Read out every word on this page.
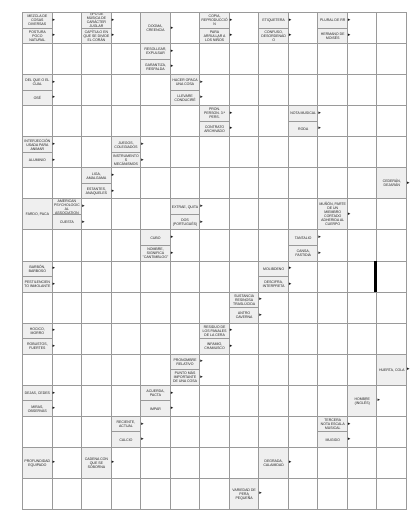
MEZCLA DE COSAS DIVERSAS
▸
POSTURA POCO NATURAL
▸
TIPO DE MÚSICA DE CARÁCTER JUGLAR
▸
CAPÍTULO EN QUE SE DIVIDE EL CORÁN
▸
DOGMA, CREENCIA	▸
COPIA, REPRODUCCIÓN
▸
PARA ARRULLAR A LOS NIÑOS
▸
ETIQUETERA ▸
CONFUSO, DESORDENADO
▸
PLURAL DE RR ▸
HERMANO DE MOISÉS	▸
RESOLLEAR, EXPULSAR	▸
GARANTIZA, RESPALDA	▸
DEL QUE O EL CUAL	▸
OSÉ	▸
HACER OPACA UNA COSA	▸
LLEVARE CONDUCIRÉ ▸
PRON. PERSON. 3.ª PERS.
▸
CONTRATO ARCHIVADO	▸
NOTA MUSICAL ▸
RODA	▸
INTERJECCIÓN USADA PARA ANIMAR
▸
ALUMINIO	▸
JUEGOS, COLEGIADOS ▸
INSTRUMENTOS MECÁNISMOS
▸
LIGA, AMALGAMA	▸
ESTANTES, ANAQUELES ▸
CEDERÁN, DEJARÁN	▸
FARDO, PACA
AMERICAN PSYCHOLOGICAL ASSOCIATION
▸
CUESTA	▸
EXTRAE, QUITA ▸
DOS (PORTUGUÉS) ▸
MUÑÓN, PARTE DE UN MIEMBRO CORTADO ADHERIDA AL CUERPO
▸
CUBO	▸
NOMBRE, SIGNIFICA "CANTIMBLOG"
▸
TANTALIO	▸
CANSA, FASTIDIA	▸
BARBÓN, BARBOSO	▸
PESTILENCIENTO INMOLANTE ▸
MOLIBDENO ▸
DESCIFRA, INTERPRETA ▸
SUSTANCIA RESINOSA TRASLÚCIDA
▸
ANTRO CAVERNA	▸
HOCICO, MORRO	▸
ROBUSTOS, FUERTES	▸
RESIDUO DE LOS PANALES DE LA CERA
▸
INFAMIO, CHAMUSCO	▸
PRONOMBRE RELATIVO	▸
PUNTO MÁS IMPORTANTE DE UNA COSA
▸
HUERTA, COLA ▸
DEJAS, CEDES ▸
MIRAS, OBSERVAS	▸
ACUERDA, PACTA	▸
IMPAR	▸
HOMBRE (INGLÉS)	▸
RECIENTE, ACTUAL	▸
CALCIO	▸
TERCERA NOTA ESCALA MUSICAL
▸
MUGIDO	▸
PROFUNDIDAD EQUIPADO	▸
CADENA CON QUE SE SOBORNA
▸	DEGRADA, CALAMIDAD	▸
VARIEDAD DE PERA PEQUEÑA
▸
